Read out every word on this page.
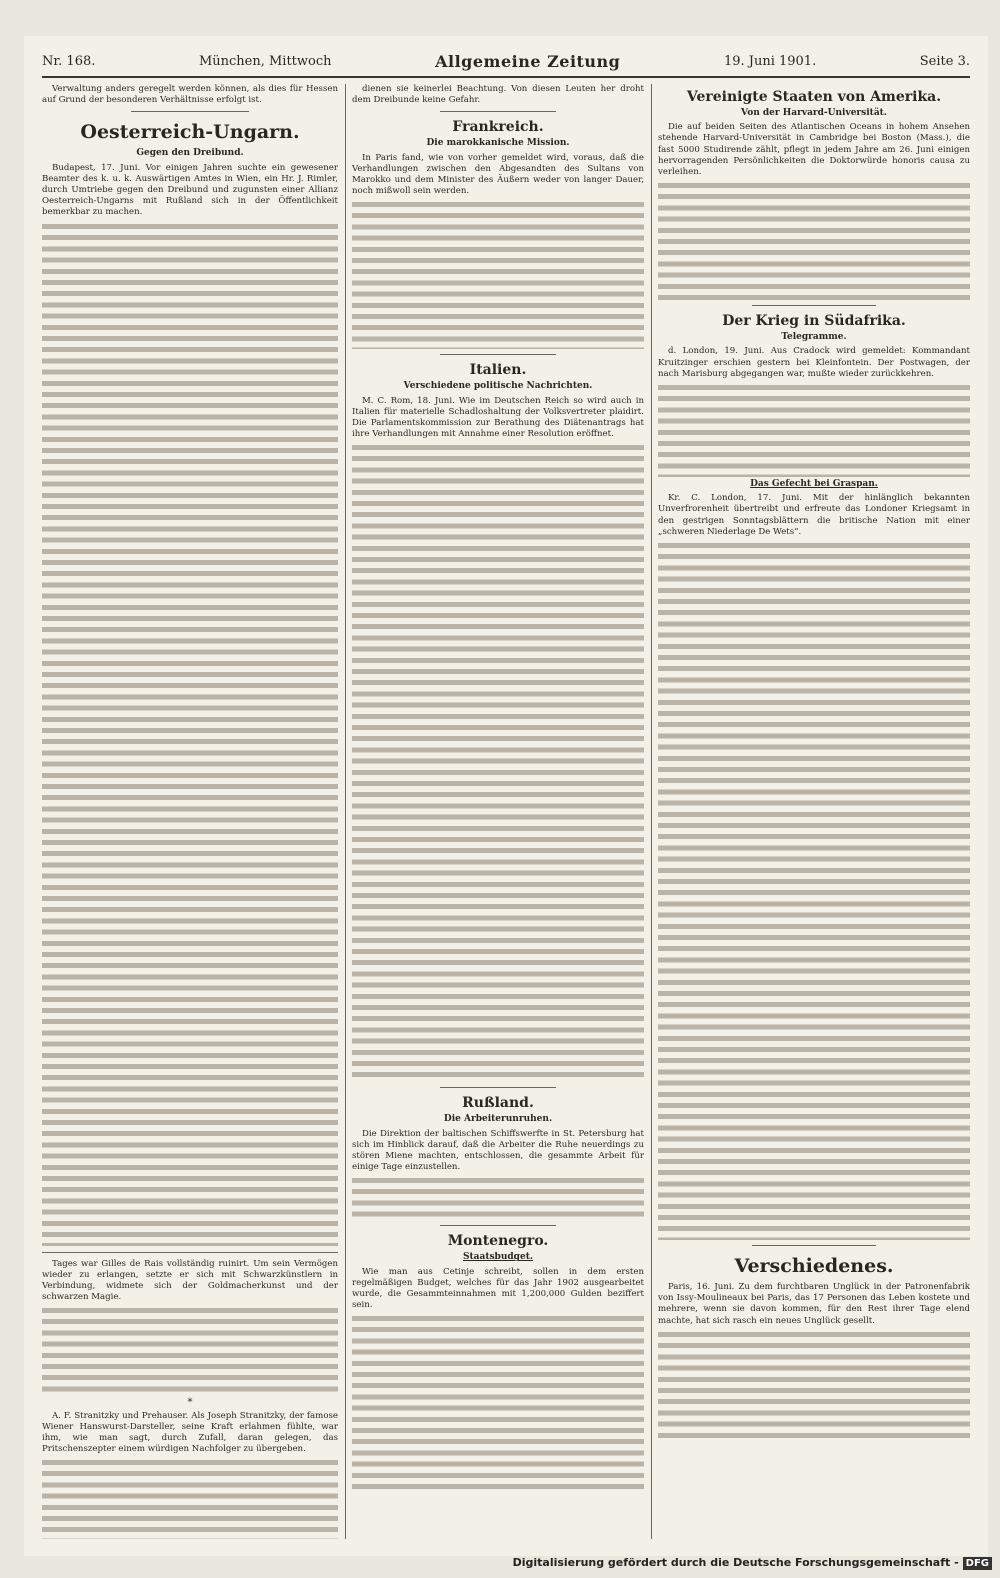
Nr. 168.	München, Mittwoch	Allgemeine Zeitung	19. Juni 1901.	Seite 3.

Verwaltung anders geregelt werden können, als dies für Hessen auf Grund der besonderen Verhältnisse erfolgt ist.

Oesterreich-Ungarn.
Gegen den Dreibund.

Budapest, 17. Juni. Vor einigen Jahren suchte ein gewesener Beamter des k. u. k. Auswärtigen Amtes in Wien, ein Hr. J. Rimler, durch Umtriebe gegen den Dreibund und zugunsten einer Allianz Oesterreich-Ungarns mit Rußland sich in der Öffentlichkeit bemerkbar zu machen.

Tages war Gilles de Rais vollständig ruinirt. Um sein Vermögen wieder zu erlangen, setzte er sich mit Schwarzkünstlern in Verbindung, widmete sich der Goldmacherkunst und der schwarzen Magie.

*

A. F. Stranitzky und Prehauser. Als Joseph Stranitzky, der famose Wiener Hanswurst-Darsteller, seine Kraft erlahmen fühlte, war ihm, wie man sagt, durch Zufall, daran gelegen, das Pritschenszepter einem würdigen Nachfolger zu übergeben.

dienen sie keinerlei Beachtung. Von diesen Leuten her droht dem Dreibunde keine Gefahr.

Frankreich.
Die marokkanische Mission.

In Paris fand, wie von vorher gemeldet wird, voraus, daß die Verhandlungen zwischen den Abgesandten des Sultans von Marokko und dem Minister des Äußern weder von langer Dauer, noch mißwoll sein werden.

Italien.
Verschiedene politische Nachrichten.

M. C. Rom, 18. Juni. Wie im Deutschen Reich so wird auch in Italien für materielle Schadloshaltung der Volksvertreter plaidirt. Die Parlamentskommission zur Berathung des Diätenantrags hat ihre Verhandlungen mit Annahme einer Resolution eröffnet.

Rußland.
Die Arbeiterunruhen.

Die Direktion der baltischen Schiffswerfte in St. Petersburg hat sich im Hinblick darauf, daß die Arbeiter die Ruhe neuerdings zu stören Miene machten, entschlossen, die gesammte Arbeit für einige Tage einzustellen.

Montenegro.
Staatsbudget.

Wie man aus Cetinje schreibt, sollen in dem ersten regelmäßigen Budget, welches für das Jahr 1902 ausgearbeitet wurde, die Gesammteinnahmen mit 1,200,000 Gulden beziffert sein.

Vereinigte Staaten von Amerika.
Von der Harvard-Universität.

Die auf beiden Seiten des Atlantischen Oceans in hohem Ansehen stehende Harvard-Universität in Cambridge bei Boston (Mass.), die fast 5000 Studirende zählt, pflegt in jedem Jahre am 26. Juni einigen hervorragenden Persönlichkeiten die Doktorwürde honoris causa zu verleihen.

Der Krieg in Südafrika.
Telegramme.

d. London, 19. Juni. Aus Cradock wird gemeldet: Kommandant Kruitzinger erschien gestern bei Kleinfontein. Der Postwagen, der nach Marisburg abgegangen war, mußte wieder zurückkehren.

Das Gefecht bei Graspan.

Kr. C. London, 17. Juni. Mit der hinlänglich bekannten Unverfrorenheit übertreibt und erfreute das Londoner Kriegsamt in den gestrigen Sonntagsblättern die britische Nation mit einer „schweren Niederlage De Wets“.

Verschiedenes.

Paris, 16. Juni. Zu dem furchtbaren Unglück in der Patronenfabrik von Issy-Moulineaux bei Paris, das 17 Personen das Leben kostete und mehrere, wenn sie davon kommen, für den Rest ihrer Tage elend machte, hat sich rasch ein neues Unglück gesellt.

Digitalisierung gefördert durch die Deutsche Forschungsgemeinschaft - DFG
